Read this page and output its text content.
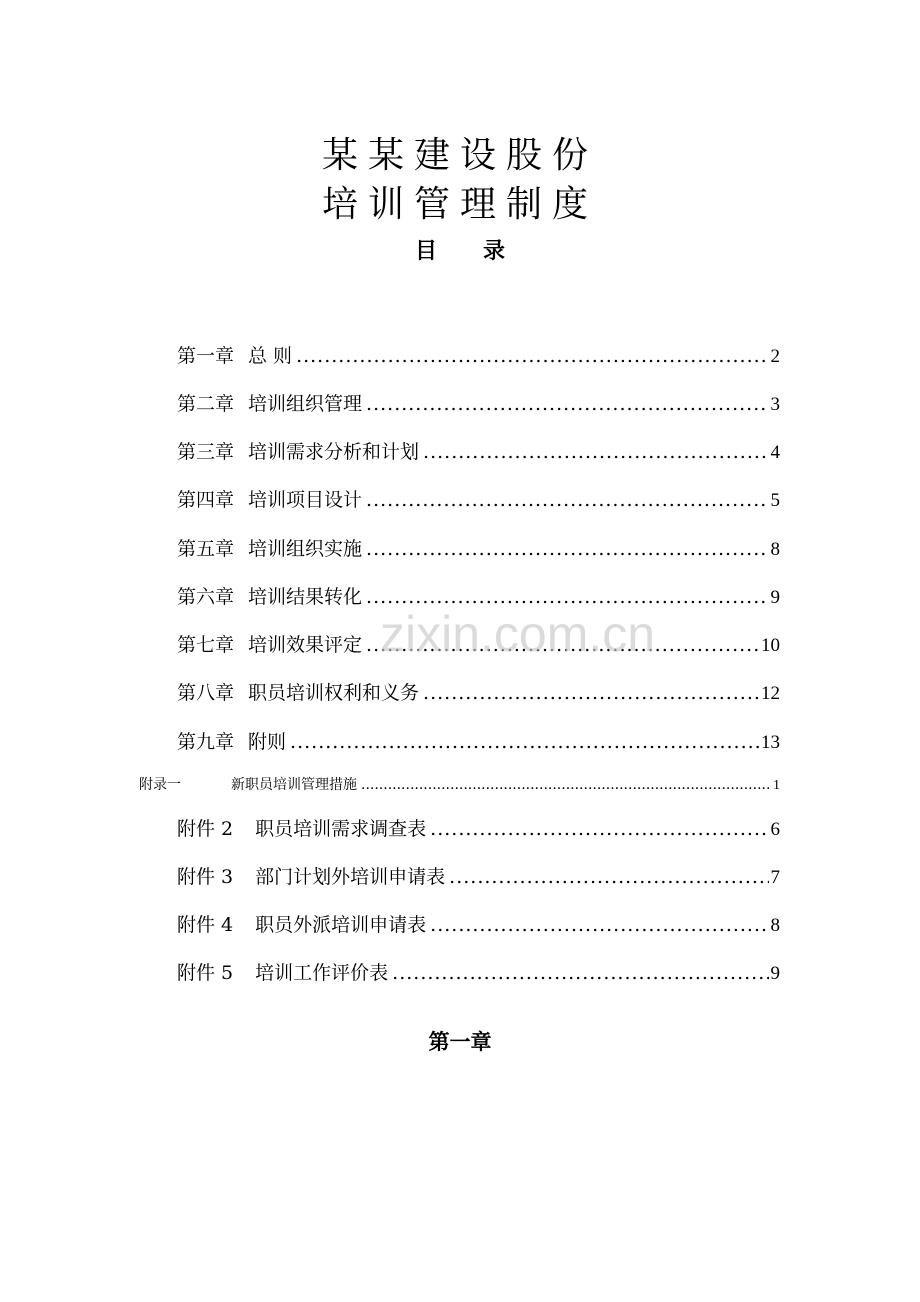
某某建设股份
培训管理制度
目 录
第一章 总 则 .....	2
第二章 培训组织管理 .....	3
第三章 培训需求分析和计划 .....	4
第四章 培训项目设计 .....	5
第五章 培训组织实施 .....	8
第六章 培训结果转化 .....	9
第七章 培训效果评定 .....	10
第八章 职员培训权利和义务 .....	12
第九章 附则 .....	13
附录一	新职员培训管理措施 .....	1
附件 2 职员培训需求调查表 .....	6
附件 3 部门计划外培训申请表 .....	7
附件 4 职员外派培训申请表 .....	8
附件 5 培训工作评价表 .....	9
zixin.com.cn
第一章
